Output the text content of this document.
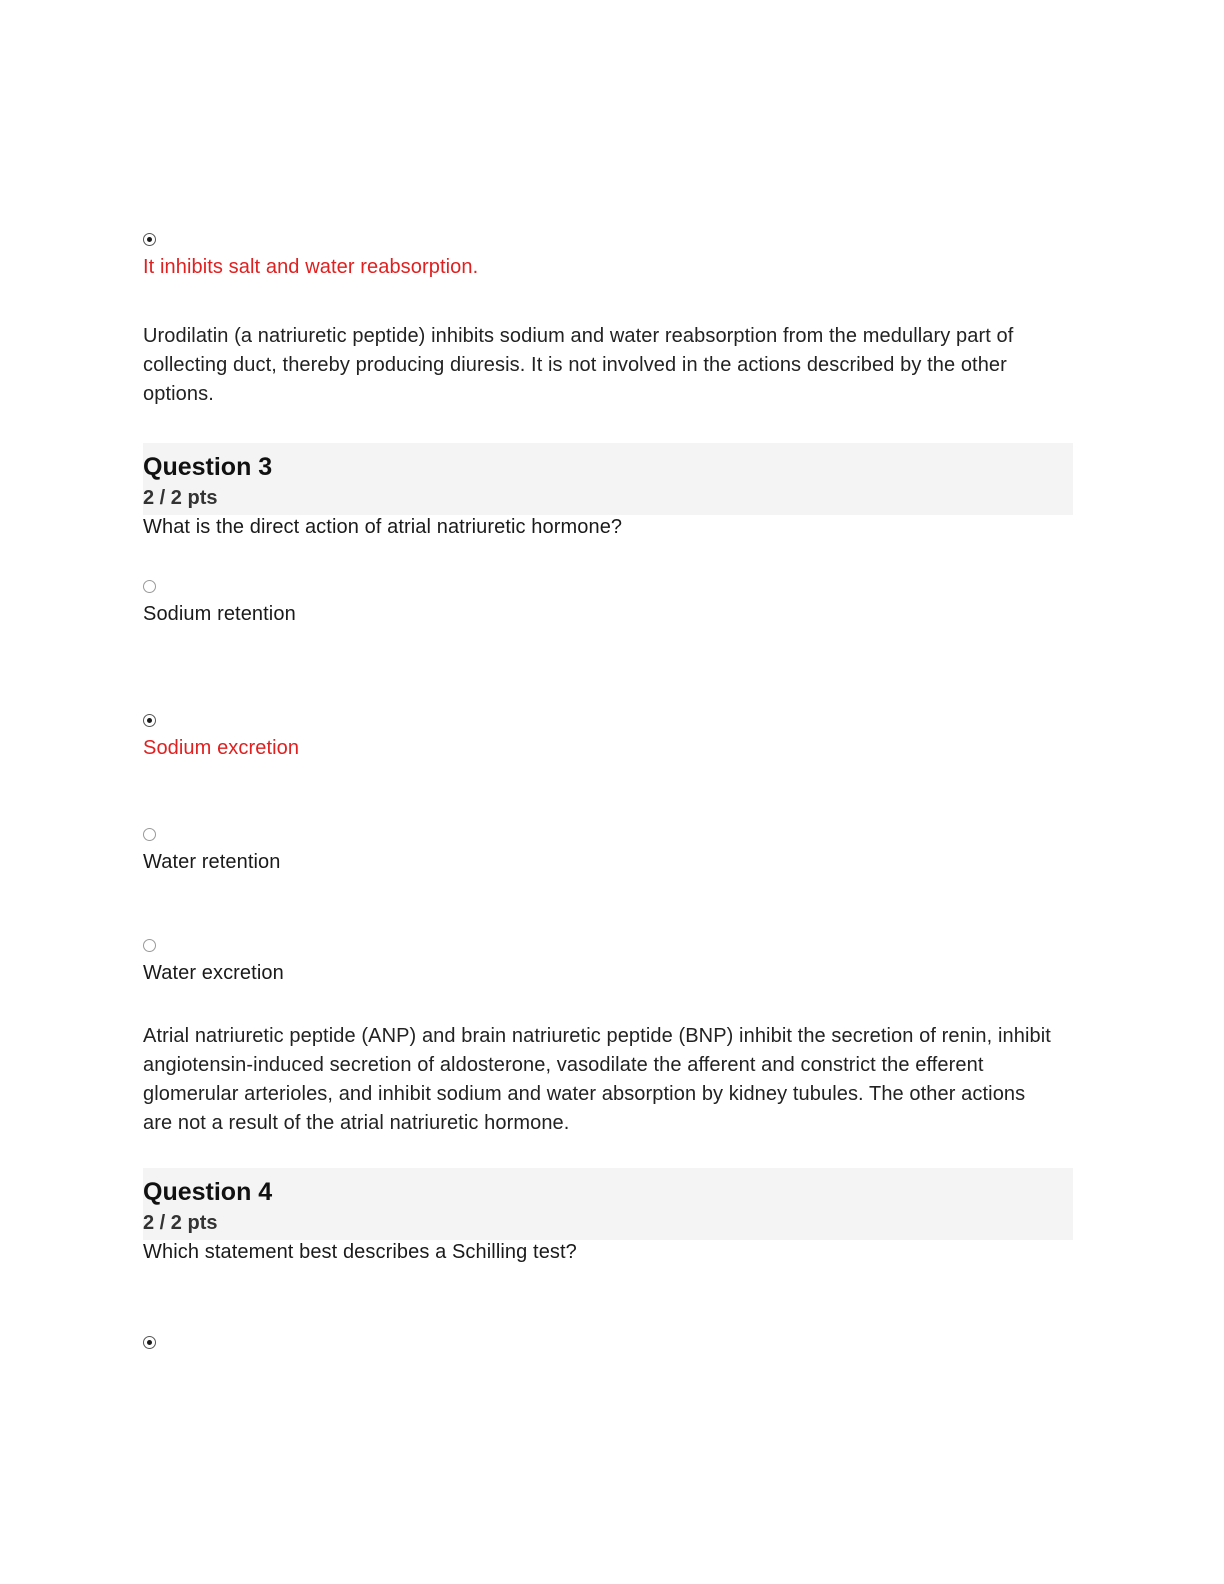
It inhibits salt and water reabsorption.
Urodilatin (a natriuretic peptide) inhibits sodium and water reabsorption from the medullary part of collecting duct, thereby producing diuresis. It is not involved in the actions described by the other options.
Question 3
2 / 2 pts
What is the direct action of atrial natriuretic hormone?
Sodium retention
Sodium excretion
Water retention
Water excretion
Atrial natriuretic peptide (ANP) and brain natriuretic peptide (BNP) inhibit the secretion of renin, inhibit angiotensin-induced secretion of aldosterone, vasodilate the afferent and constrict the efferent glomerular arterioles, and inhibit sodium and water absorption by kidney tubules. The other actions are not a result of the atrial natriuretic hormone.
Question 4
2 / 2 pts
Which statement best describes a Schilling test?
